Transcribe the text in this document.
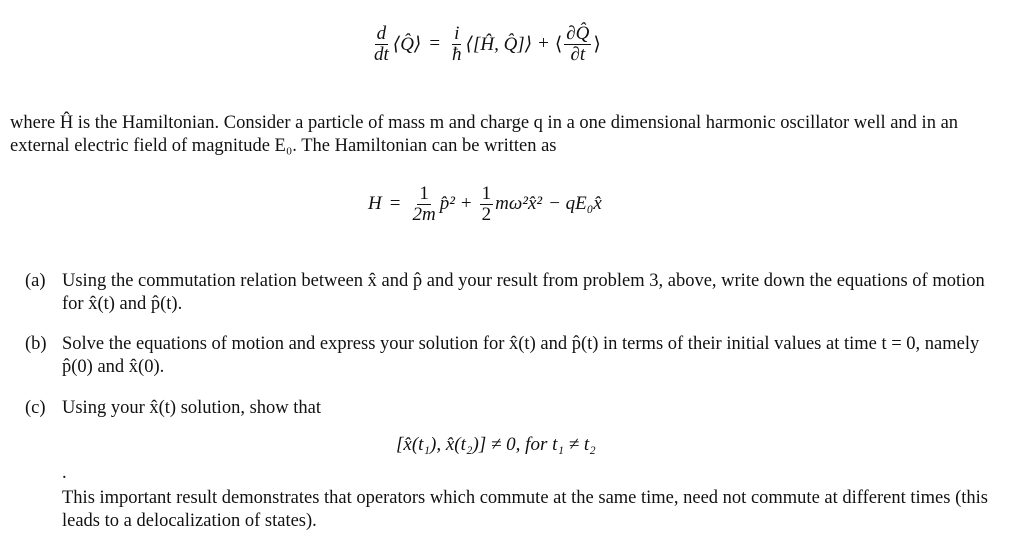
$\frac{d}{dt}$ ⟨Q̂⟩ = $\frac{i}{ħ}$ ⟨[Ĥ, Q̂]⟩ + ⟨ $\frac{\partial Q̂}{\partial t}$ ⟩
where Ĥ is the Hamiltonian. Consider a particle of mass m and charge q in a one dimensional harmonic oscillator well and in an external electric field of magnitude E₀. The Hamiltonian can be written as
$H = \frac{1}{2m}$ p̂² + $\frac{1}{2}$ mω²x̂² − qE₀x̂
(a) Using the commutation relation between x̂ and p̂ and your result from problem 3, above, write down the equations of motion for x̂(t) and p̂(t).
(b) Solve the equations of motion and express your solution for x̂(t) and p̂(t) in terms of their initial values at time t = 0, namely p̂(0) and x̂(0).
(c) Using your x̂(t) solution, show that
[x̂(t₁), x̂(t₂)] ≠ 0, for t₁ ≠ t₂
.
This important result demonstrates that operators which commute at the same time, need not commute at different times (this leads to a delocalization of states).
